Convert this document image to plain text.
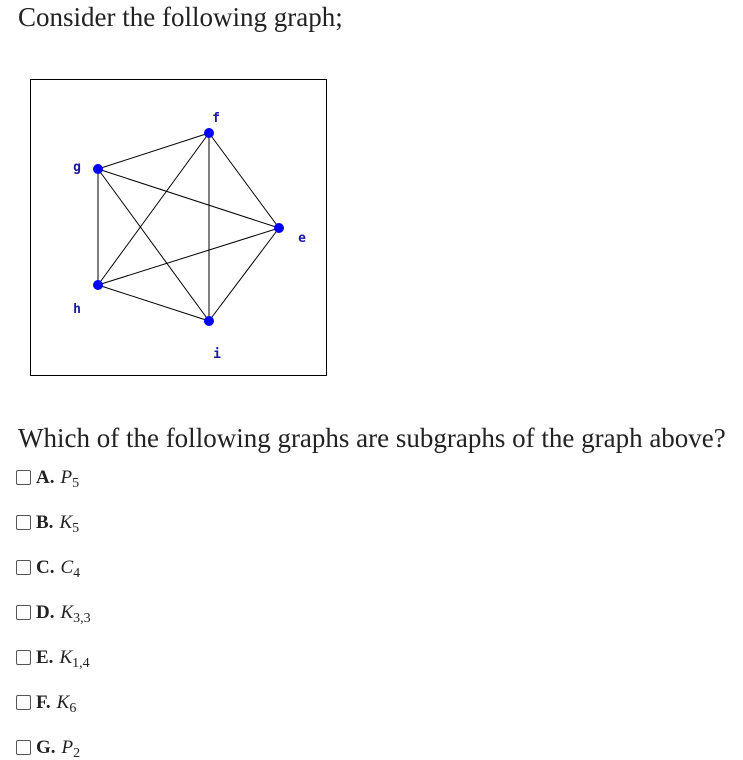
Consider the following graph;

f
g
e
h
i

Which of the following graphs are subgraphs of the graph above?

A. $P_5$
B. $K_5$
C. $C_4$
D. $K_{3,3}$
E. $K_{1,4}$
F. $K_6$
G. $P_2$
